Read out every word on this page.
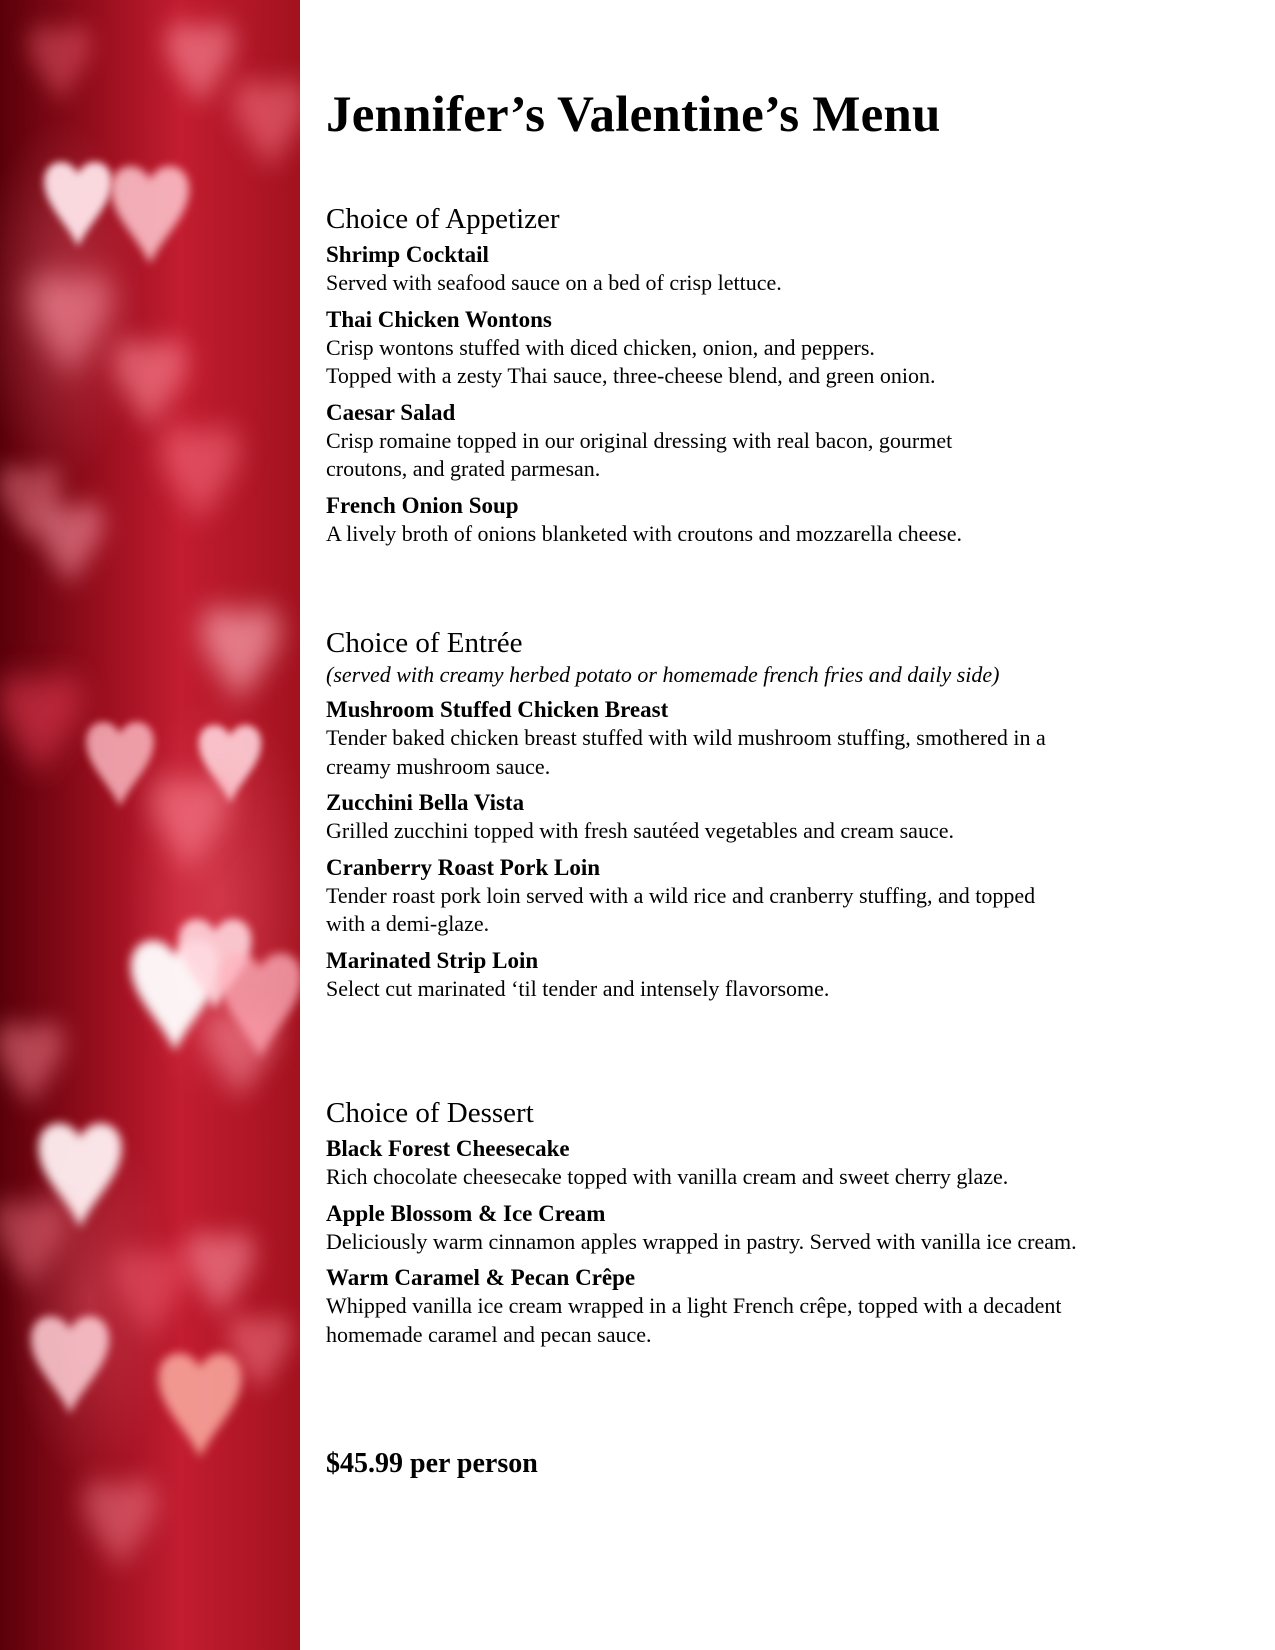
Jennifer’s Valentine’s Menu
Choice of Appetizer
Shrimp Cocktail
Served with seafood sauce on a bed of crisp lettuce.
Thai Chicken Wontons
Crisp wontons stuffed with diced chicken, onion, and peppers.
Topped with a zesty Thai sauce, three-cheese blend, and green onion.
Caesar Salad
Crisp romaine topped in our original dressing with real bacon, gourmet croutons, and grated parmesan.
French Onion Soup
A lively broth of onions blanketed with croutons and mozzarella cheese.
Choice of Entrée
(served with creamy herbed potato or homemade french fries and daily side)
Mushroom Stuffed Chicken Breast
Tender baked chicken breast stuffed with wild mushroom stuffing, smothered in a creamy mushroom sauce.
Zucchini Bella Vista
Grilled zucchini topped with fresh sautéed vegetables and cream sauce.
Cranberry Roast Pork Loin
Tender roast pork loin served with a wild rice and cranberry stuffing, and topped with a demi-glaze.
Marinated Strip Loin
Select cut marinated ‘til tender and intensely flavorsome.
Choice of Dessert
Black Forest Cheesecake
Rich chocolate cheesecake topped with vanilla cream and sweet cherry glaze.
Apple Blossom & Ice Cream
Deliciously warm cinnamon apples wrapped in pastry. Served with vanilla ice cream.
Warm Caramel & Pecan Crêpe
Whipped vanilla ice cream wrapped in a light French crêpe, topped with a decadent homemade caramel and pecan sauce.
$45.99 per person
